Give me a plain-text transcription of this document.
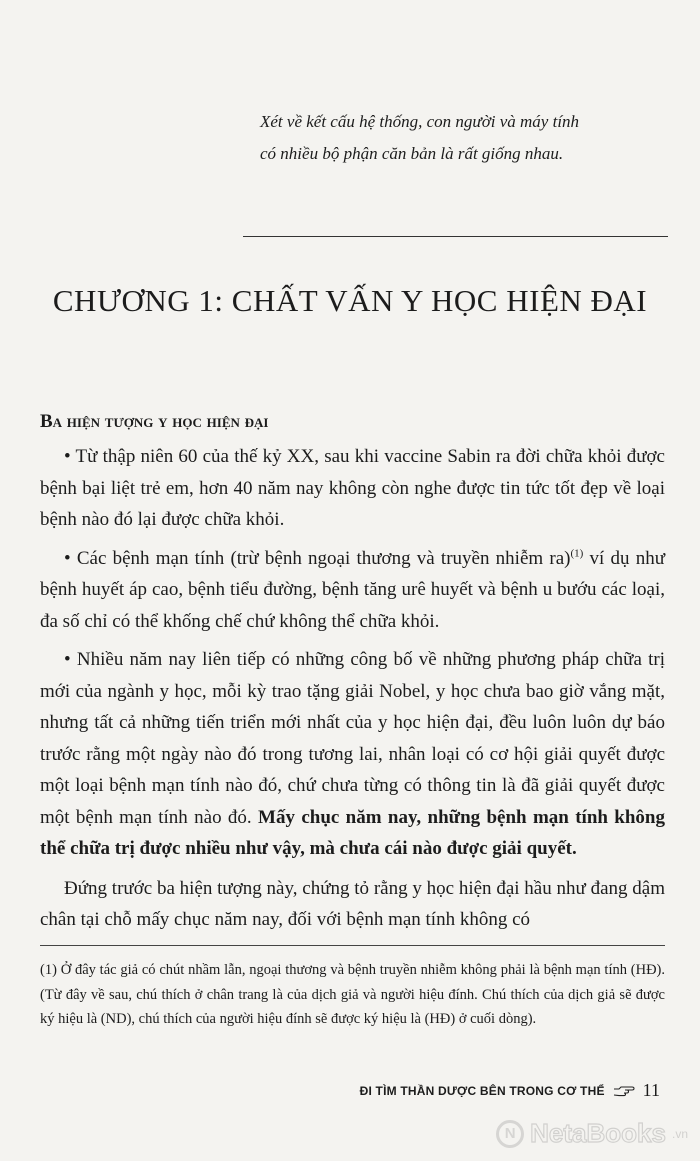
Xét về kết cấu hệ thống, con người và máy tính

có nhiều bộ phận căn bản là rất giống nhau.

CHƯƠNG 1: CHẤT VẤN Y HỌC HIỆN ĐẠI
Ba hiện tượng y học hiện đại

• Từ thập niên 60 của thế kỷ XX, sau khi vaccine Sabin ra đời chữa khỏi được bệnh bại liệt trẻ em, hơn 40 năm nay không còn nghe được tin tức tốt đẹp về loại bệnh nào đó lại được chữa khỏi.

• Các bệnh mạn tính (trừ bệnh ngoại thương và truyền nhiễm ra)$^{(1)}$ ví dụ như bệnh huyết áp cao, bệnh tiểu đường, bệnh tăng urê huyết và bệnh u bướu các loại, đa số chỉ có thể khống chế chứ không thể chữa khỏi.

• Nhiều năm nay liên tiếp có những công bố về những phương pháp chữa trị mới của ngành y học, mỗi kỳ trao tặng giải Nobel, y học chưa bao giờ vắng mặt, nhưng tất cả những tiến triển mới nhất của y học hiện đại, đều luôn luôn dự báo trước rằng một ngày nào đó trong tương lai, nhân loại có cơ hội giải quyết được một loại bệnh mạn tính nào đó, chứ chưa từng có thông tin là đã giải quyết được một bệnh mạn tính nào đó. Mấy chục năm nay, những bệnh mạn tính không thể chữa trị được nhiều như vậy, mà chưa cái nào được giải quyết.

Đứng trước ba hiện tượng này, chứng tỏ rằng y học hiện đại hầu như đang dậm chân tại chỗ mấy chục năm nay, đối với bệnh mạn tính không có

(1) Ở đây tác giả có chút nhầm lẫn, ngoại thương và bệnh truyền nhiễm không phải là bệnh mạn tính (HĐ). (Từ đây về sau, chú thích ở chân trang là của dịch giả và người hiệu đính. Chú thích của dịch giả sẽ được ký hiệu là (ND), chú thích của người hiệu đính sẽ được ký hiệu là (HĐ) ở cuối dòng).

ĐI TÌM THẦN DƯỢC BÊN TRONG CƠ THỂ 11
N NetaBooks .vn
